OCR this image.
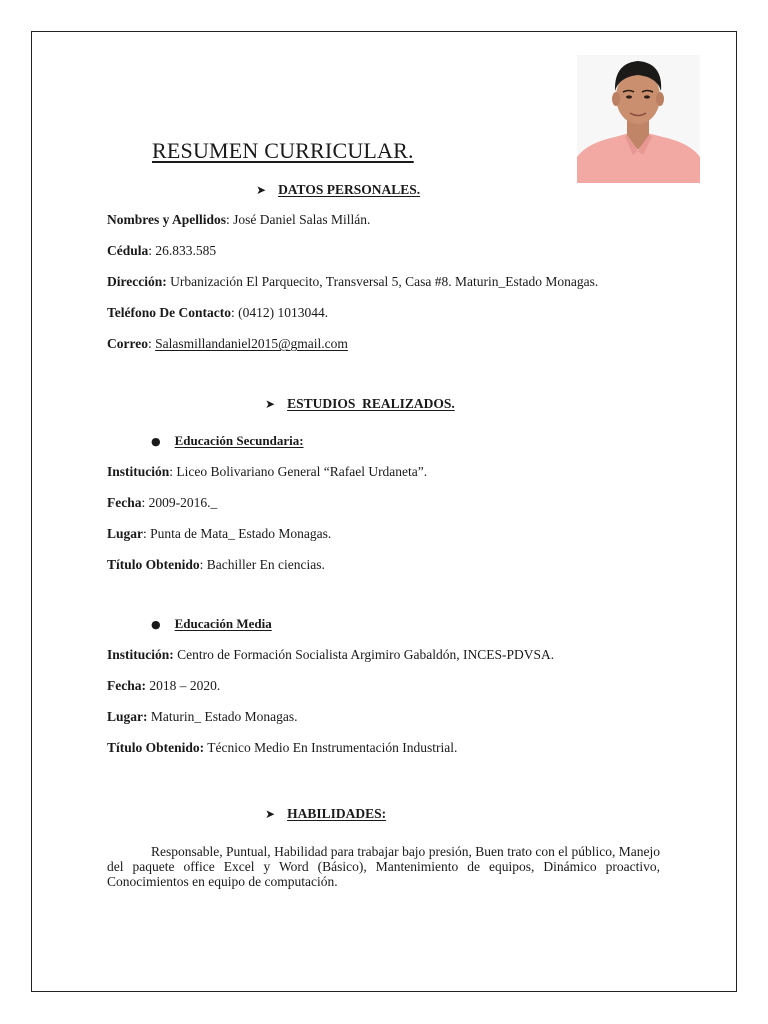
RESUMEN CURRICULAR.
➤ DATOS PERSONALES.
Nombres y Apellidos: José Daniel Salas Millán.
Cédula: 26.833.585
Dirección: Urbanización El Parquecito, Transversal 5, Casa #8. Maturin_Estado Monagas.
Teléfono De Contacto: (0412) 1013044.
Correo: Salasmillandaniel2015@gmail.com
➤ ESTUDIOS  REALIZADOS.
● Educación Secundaria:
Institución: Liceo Bolivariano General “Rafael Urdaneta”.
Fecha: 2009-2016._
Lugar: Punta de Mata_ Estado Monagas.
Título Obtenido: Bachiller En ciencias.
● Educación Media
Institución: Centro de Formación Socialista Argimiro Gabaldón, INCES-PDVSA.
Fecha: 2018 – 2020.
Lugar: Maturin_ Estado Monagas.
Título Obtenido: Técnico Medio En Instrumentación Industrial.
➤ HABILIDADES:

Responsable, Puntual, Habilidad para trabajar bajo presión, Buen trato con el público, Manejo del paquete office Excel y Word (Básico), Mantenimiento de equipos, Dinámico proactivo, Conocimientos en equipo de computación.
